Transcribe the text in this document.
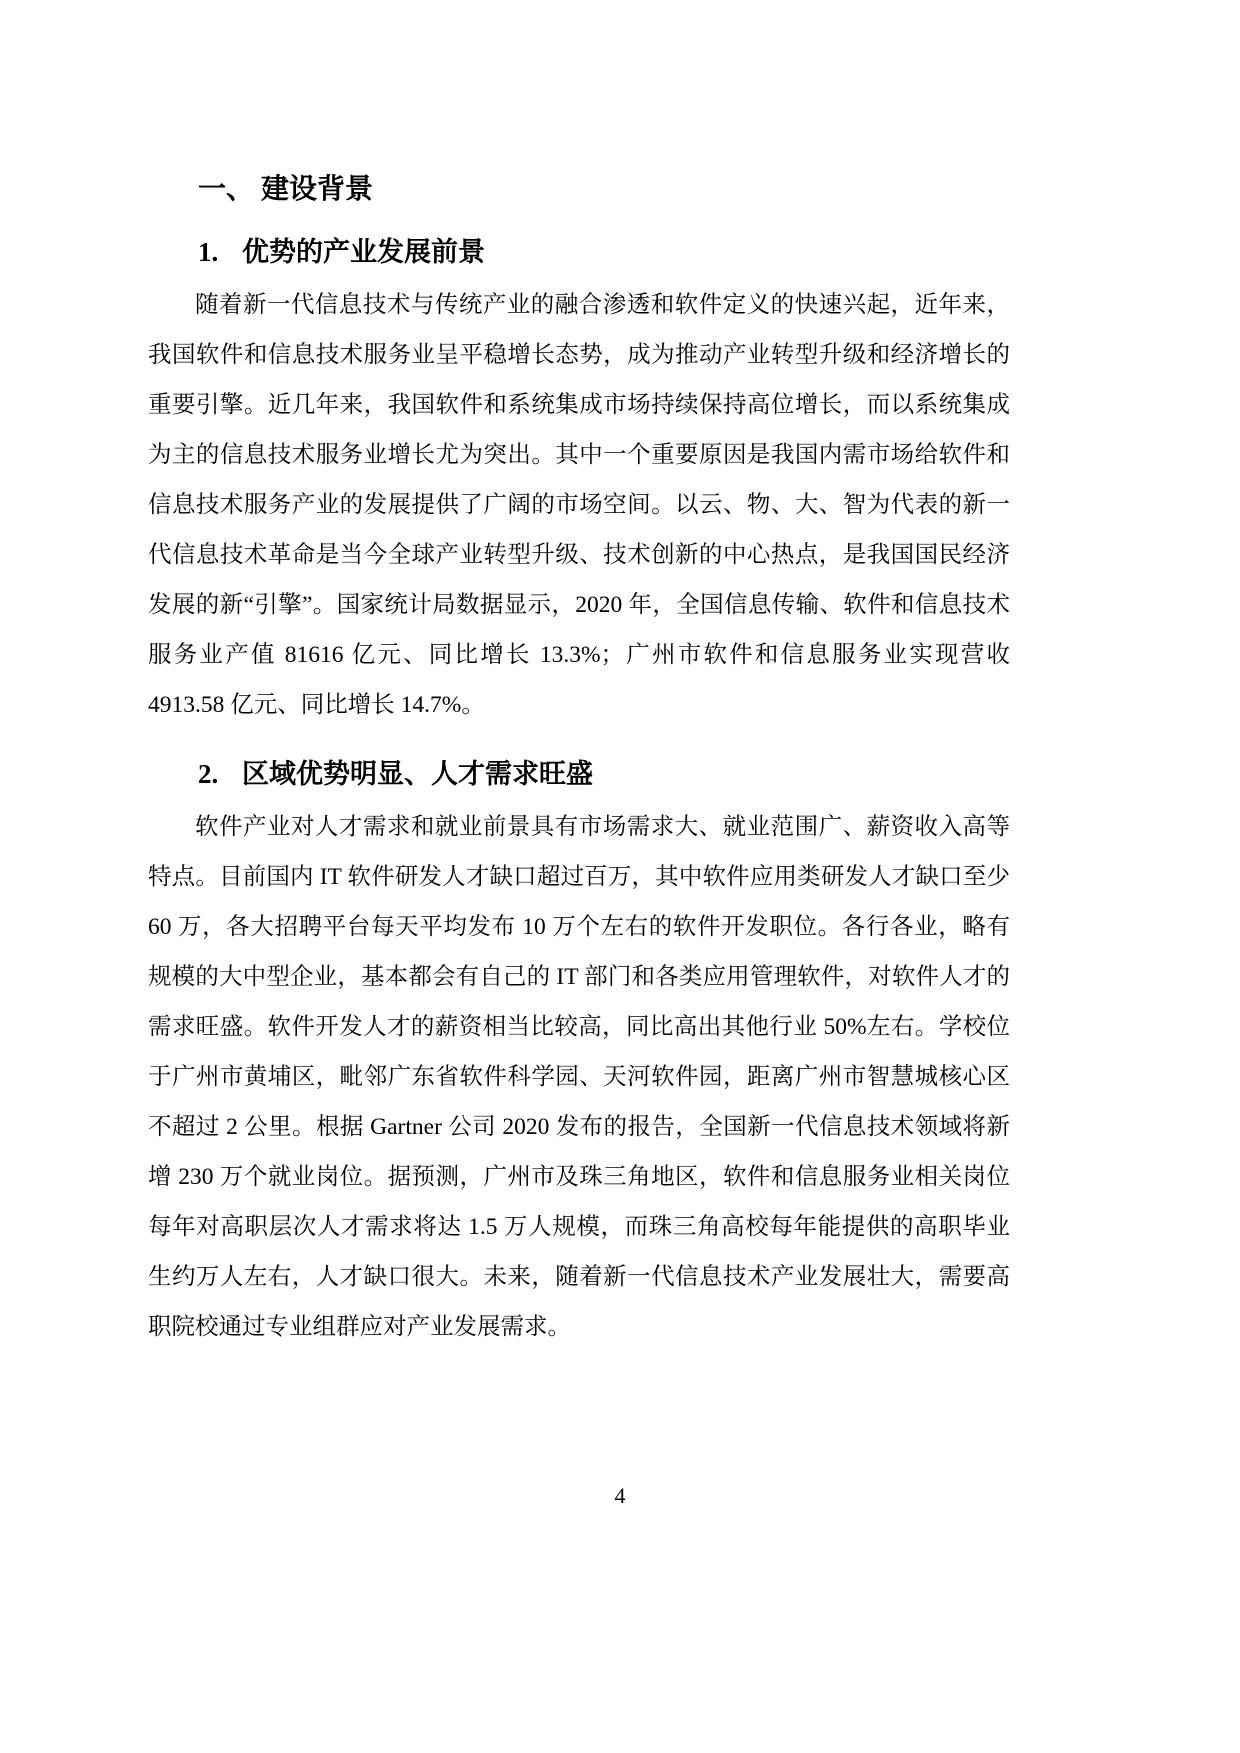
一、 建设背景
1. 优势的产业发展前景

随着新一代信息技术与传统产业的融合渗透和软件定义的快速兴起，近年来，我国软件和信息技术服务业呈平稳增长态势，成为推动产业转型升级和经济增长的重要引擎。近几年来，我国软件和系统集成市场持续保持高位增长，而以系统集成为主的信息技术服务业增长尤为突出。其中一个重要原因是我国内需市场给软件和信息技术服务产业的发展提供了广阔的市场空间。以云、物、大、智为代表的新一代信息技术革命是当今全球产业转型升级、技术创新的中心热点，是我国国民经济发展的新“引擎”。国家统计局数据显示，2020 年，全国信息传输、软件和信息技术服务业产值 81616 亿元、同比增长 13.3%；广州市软件和信息服务业实现营收 4913.58 亿元、同比增长 14.7%。

2. 区域优势明显、人才需求旺盛

软件产业对人才需求和就业前景具有市场需求大、就业范围广、薪资收入高等特点。目前国内 IT 软件研发人才缺口超过百万，其中软件应用类研发人才缺口至少 60 万，各大招聘平台每天平均发布 10 万个左右的软件开发职位。各行各业，略有规模的大中型企业，基本都会有自己的 IT 部门和各类应用管理软件，对软件人才的需求旺盛。软件开发人才的薪资相当比较高，同比高出其他行业 50%左右。学校位于广州市黄埔区，毗邻广东省软件科学园、天河软件园，距离广州市智慧城核心区不超过 2 公里。根据 Gartner 公司 2020 发布的报告，全国新一代信息技术领域将新增 230 万个就业岗位。据预测，广州市及珠三角地区，软件和信息服务业相关岗位每年对高职层次人才需求将达 1.5 万人规模，而珠三角高校每年能提供的高职毕业生约万人左右，人才缺口很大。未来，随着新一代信息技术产业发展壮大，需要高职院校通过专业组群应对产业发展需求。

4
